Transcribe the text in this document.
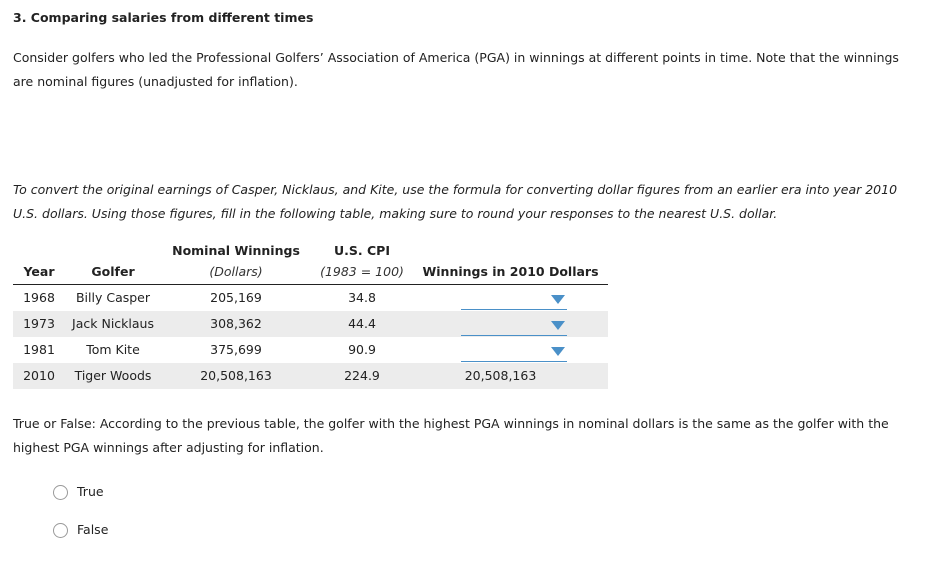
3. Comparing salaries from different times
Consider golfers who led the Professional Golfers’ Association of America (PGA) in winnings at different points in time. Note that the winnings are nominal figures (unadjusted for inflation).
To convert the original earnings of Casper, Nicklaus, and Kite, use the formula for converting dollar figures from an earlier era into year 2010 U.S. dollars. Using those figures, fill in the following table, making sure to round your responses to the nearest U.S. dollar.
Nominal Winnings	U.S. CPI
Year	Golfer	(Dollars)	(1983 = 100)	Winnings in 2010 Dollars
1968	Billy Casper	205,169	34.8
1973	Jack Nicklaus	308,362	44.4
1981	Tom Kite	375,699	90.9
2010	Tiger Woods	20,508,163	224.9	20,508,163
True or False: According to the previous table, the golfer with the highest PGA winnings in nominal dollars is the same as the golfer with the highest PGA winnings after adjusting for inflation.
True
False
